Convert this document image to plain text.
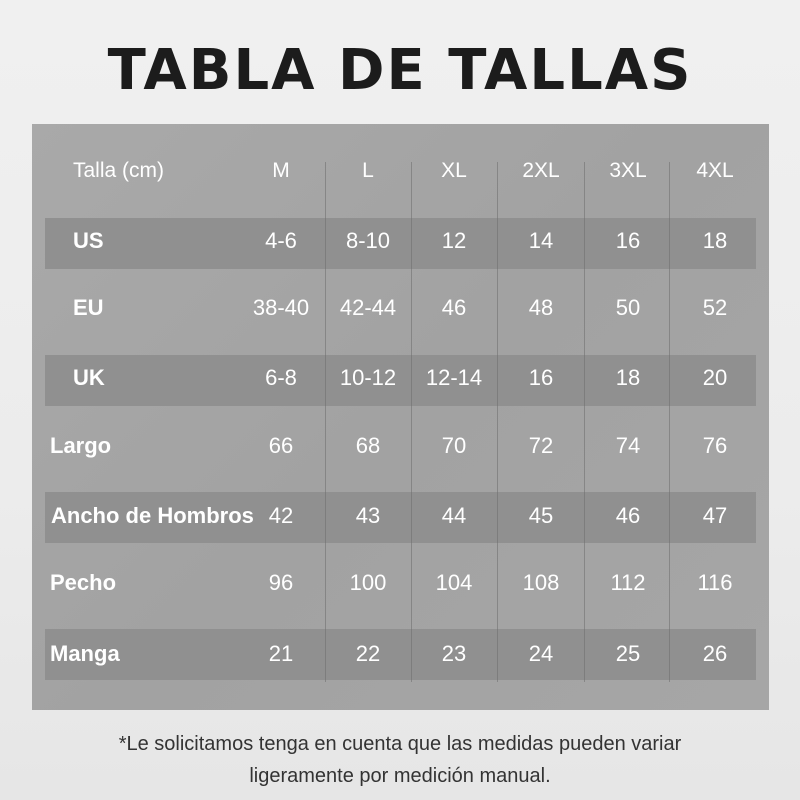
TABLA DE TALLAS
Talla (cm)	M	L	XL	2XL	3XL	4XL
US	4-6	8-10	12	14	16	18
EU	38-40	42-44	46	48	50	52
UK	6-8	10-12	12-14	16	18	20
Largo	66	68	70	72	74	76
Ancho de Hombros 42	43	44	45	46	47
Pecho	96	100	104	108	112	116
Manga	21	22	23	24	25	26
*Le solicitamos tenga en cuenta que las medidas pueden variar
ligeramente por medición manual.
